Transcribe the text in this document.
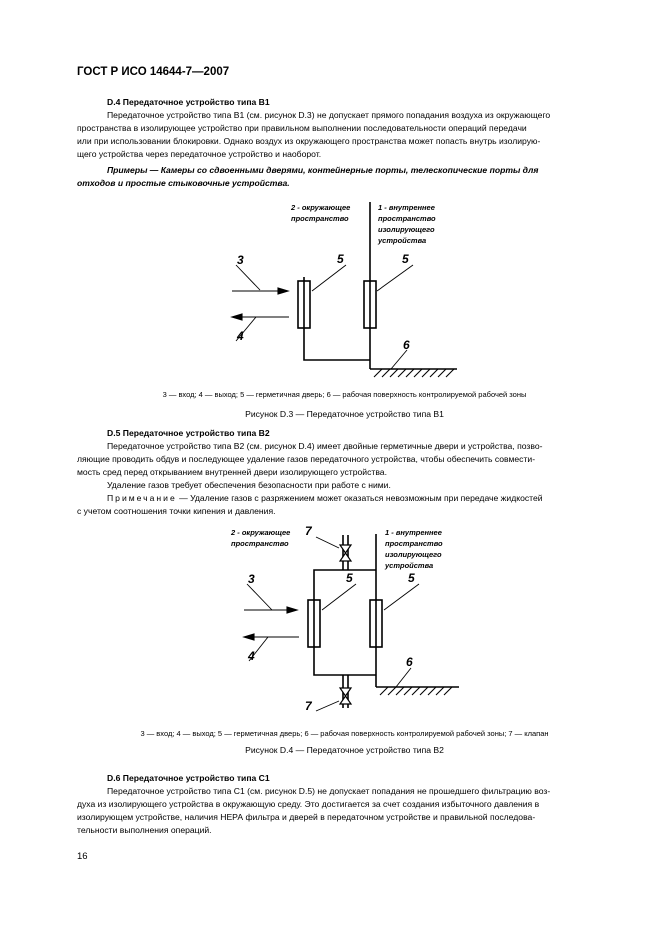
ГОСТ Р ИСО 14644-7—2007

D.4 Передаточное устройство типа В1

Передаточное устройство типа В1 (см. рисунок D.3) не допускает прямого попадания воздуха из окружающего

пространства в изолирующее устройство при правильном выполнении последовательности операций передачи

или при использовании блокировки. Однако воздух из окружающего пространства может попасть внутрь изолирую-

щего устройства через передаточное устройство и наоборот.

Примеры — Камеры со сдвоенными дверями, контейнерные порты, телескопические порты для

отходов и простые стыковочные устройства.

2 - окружающее
пространство
1 - внутреннее
пространство
изолирующего
устройства
3
4
5	5
6
3 — вход; 4 — выход; 5 — герметичная дверь; 6 — рабочая поверхность контролируемой рабочей зоны
Рисунок D.3 — Передаточное устройство типа В1

D.5 Передаточное устройство типа В2

Передаточное устройство типа В2 (см. рисунок D.4) имеет двойные герметичные двери и устройства, позво-

ляющие проводить обдув и последующее удаление газов передаточного устройства, чтобы обеспечить совмести-

мость сред перед открыванием внутренней двери изолирующего устройства.

Удаление газов требует обеспечения безопасности при работе с ними.

Примечание — Удаление газов с разряжением может оказаться невозможным при передаче жидкостей

с учетом соотношения точки кипения и давления.

2 - окружающее
пространство
1 - внутреннее
пространство
изолирующего
устройства
7
7
3
4
5	5
6
3 — вход; 4 — выход; 5 — герметичная дверь; 6 — рабочая поверхность контролируемой рабочей зоны; 7 — клапан
Рисунок D.4 — Передаточное устройство типа В2

D.6 Передаточное устройство типа С1

Передаточное устройство типа С1 (см. рисунок D.5) не допускает попадания не прошедшего фильтрацию воз-

духа из изолирующего устройства в окружающую среду. Это достигается за счет создания избыточного давления в

изолирующем устройстве, наличия НЕРА фильтра и дверей в передаточном устройстве и правильной последова-

тельности выполнения операций.

16
